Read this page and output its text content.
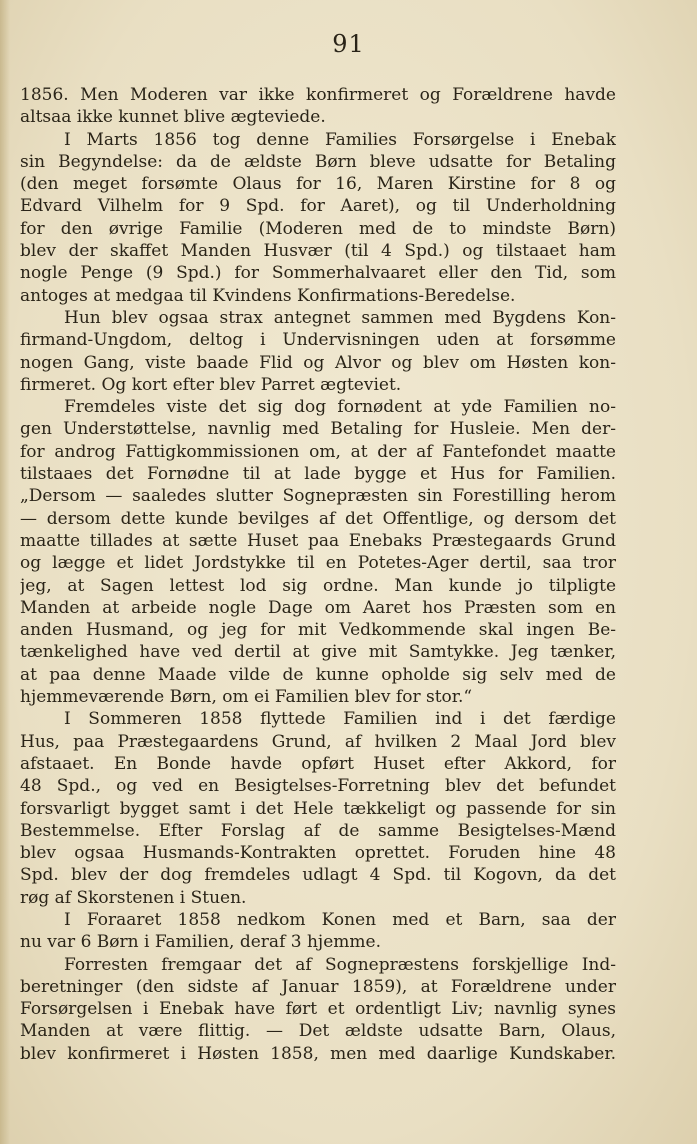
91
1856. Men Moderen var ikke konfirmeret og Forældrene havde
altsaa ikke kunnet blive ægteviede.
I Marts 1856 tog denne Familiеs Forsørgelse i Enebak
sin Begyndelse: da de ældste Børn bleve udsatte for Betaling
(den meget forsømte Olaus for 16, Maren Kirstine for 8 og
Edvard Vilhelm for 9 Spd. for Aaret), og til Underholdning
for den øvrige Familie (Moderen med de to mindste Børn)
blev der skaffet Manden Husvær (til 4 Spd.) og tilstaaet ham
nogle Penge (9 Spd.) for Sommerhalvaaret eller den Tid, som
antoges at medgaa til Kvindens Konfirmations-Beredelse.
Hun blev ogsaa strax antegnet sammen med Bygdens Kon-
firmand-Ungdom, deltog i Undervisningen uden at forsømme
nogen Gang, viste baade Flid og Alvor og blev om Høsten kon-
firmeret. Og kort efter blev Parret ægteviet.
Fremdeles viste det sig dog fornødent at yde Familien no-
gen Understøttelse, navnlig med Betaling for Husleie. Men der-
for androg Fattigkommissionen om, at der af Fantefondet maatte
tilstaaes det Fornødne til at lade bygge et Hus for Familien.
„Dersom — saaledes slutter Sognepræsten sin Forestilling herom
— dersom dette kunde bevilges af det Offentlige, og dersom det
maatte tillades at sætte Huset paa Enebaks Præstegaards Grund
og lægge et lidet Jordstykke til en Potetes-Ager dertil, saa tror
jeg, at Sagen lettest lod sig ordne. Man kunde jo tilpligte
Manden at arbeide nogle Dage om Aaret hos Præsten som en
anden Husmand, og jeg for mit Vedkommende skal ingen Be-
tænkelighed have ved dertil at give mit Samtykke. Jeg tænker,
at paa denne Maade vilde de kunne opholde sig selv med de
hjemmeværende Børn, om ei Familien blev for stor.“
I Sommeren 1858 flyttede Familien ind i det færdige
Hus, paa Præstegaardens Grund, af hvilken 2 Maal Jord blev
afstaaet. En Bonde havde opført Huset efter Akkord, for
48 Spd., og ved en Besigtelses-Forretning blev det befundet
forsvarligt bygget samt i det Hele tækkeligt og passende for sin
Bestemmelse. Efter Forslag af de samme Besigtelses-Mænd
blev ogsaa Husmands-Kontrakten oprettet. Foruden hine 48
Spd. blev der dog fremdeles udlagt 4 Spd. til Kogovn, da det
røg af Skorstenen i Stuen.
I Foraaret 1858 nedkom Konen med et Barn, saa der
nu var 6 Børn i Familien, deraf 3 hjemme.
Forresten fremgaar det af Sognepræstens forskjellige Ind-
beretninger (den sidste af Januar 1859), at Forældrene under
Forsørgelsen i Enebak have ført et ordentligt Liv; navnlig synes
Manden at være flittig. — Det ældste udsatte Barn, Olaus,
blev konfirmeret i Høsten 1858, men med daarlige Kundskaber.
